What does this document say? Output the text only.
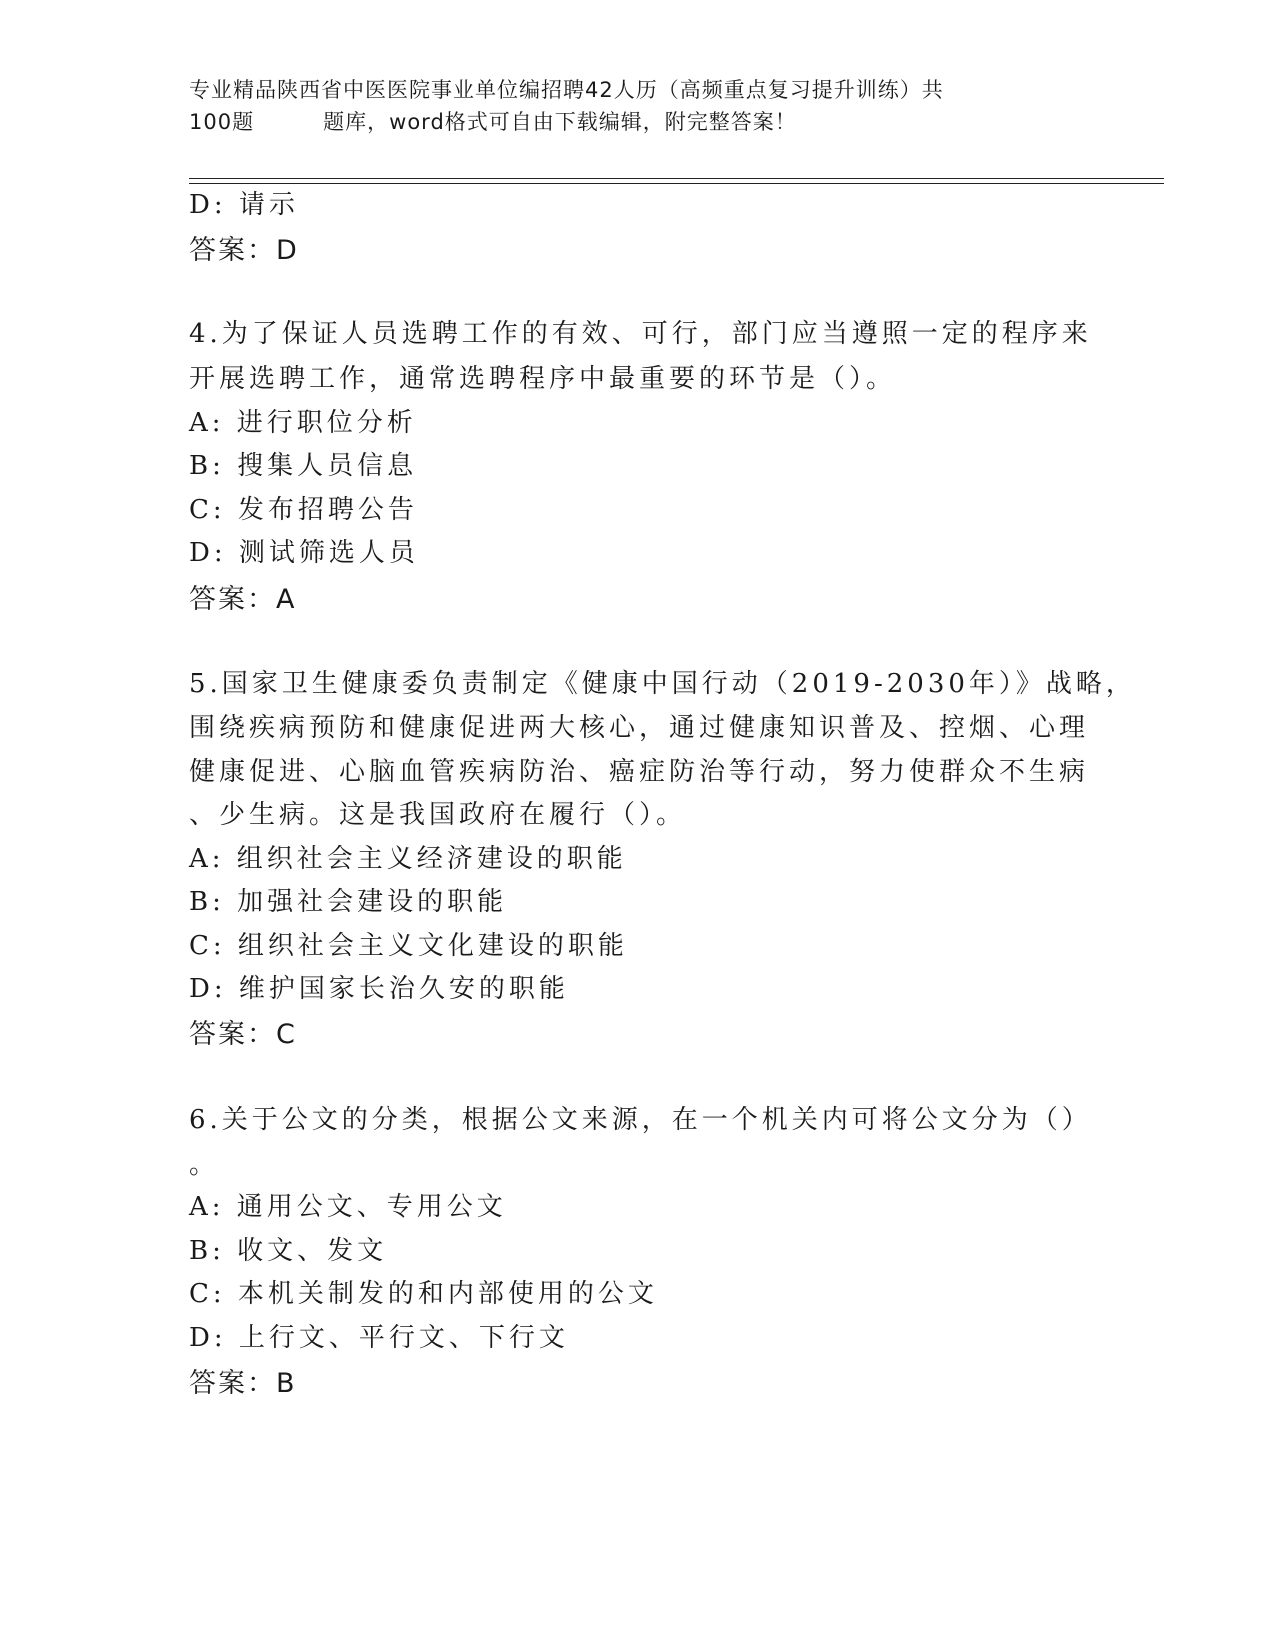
专业精品陕西省中医医院事业单位编招聘42人历（高频重点复习提升训练）共

100题         题库，word格式可自由下载编辑，附完整答案！
D: 请示
答案：D
4.为了保证人员选聘工作的有效、可行，部门应当遵照一定的程序来
开展选聘工作，通常选聘程序中最重要的环节是（）。
A: 进行职位分析
B: 搜集人员信息
C: 发布招聘公告
D: 测试筛选人员
答案：A
5.国家卫生健康委负责制定《健康中国行动（2019-2030年）》战略，
围绕疾病预防和健康促进两大核心，通过健康知识普及、控烟、心理
健康促进、心脑血管疾病防治、癌症防治等行动，努力使群众不生病
、少生病。这是我国政府在履行（）。
A: 组织社会主义经济建设的职能
B: 加强社会建设的职能
C: 组织社会主义文化建设的职能
D: 维护国家长治久安的职能
答案：C
6.关于公文的分类，根据公文来源，在一个机关内可将公文分为（）
。
A: 通用公文、专用公文
B: 收文、发文
C: 本机关制发的和内部使用的公文
D: 上行文、平行文、下行文
答案：B
